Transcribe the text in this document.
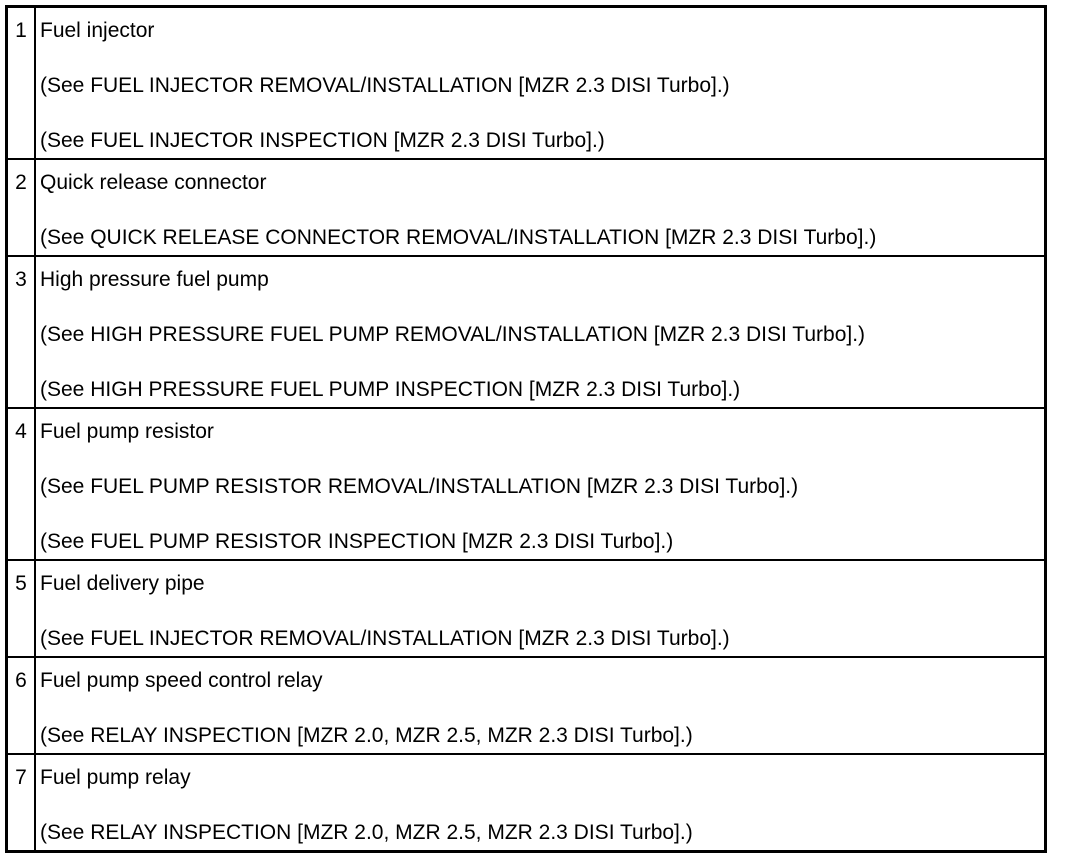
1 Fuel injector
(See FUEL INJECTOR REMOVAL/INSTALLATION [MZR 2.3 DISI Turbo].)
(See FUEL INJECTOR INSPECTION [MZR 2.3 DISI Turbo].)
2 Quick release connector
(See QUICK RELEASE CONNECTOR REMOVAL/INSTALLATION [MZR 2.3 DISI Turbo].)
3 High pressure fuel pump
(See HIGH PRESSURE FUEL PUMP REMOVAL/INSTALLATION [MZR 2.3 DISI Turbo].)
(See HIGH PRESSURE FUEL PUMP INSPECTION [MZR 2.3 DISI Turbo].)
4 Fuel pump resistor
(See FUEL PUMP RESISTOR REMOVAL/INSTALLATION [MZR 2.3 DISI Turbo].)
(See FUEL PUMP RESISTOR INSPECTION [MZR 2.3 DISI Turbo].)
5 Fuel delivery pipe
(See FUEL INJECTOR REMOVAL/INSTALLATION [MZR 2.3 DISI Turbo].)
6 Fuel pump speed control relay
(See RELAY INSPECTION [MZR 2.0, MZR 2.5, MZR 2.3 DISI Turbo].)
7 Fuel pump relay
(See RELAY INSPECTION [MZR 2.0, MZR 2.5, MZR 2.3 DISI Turbo].)
